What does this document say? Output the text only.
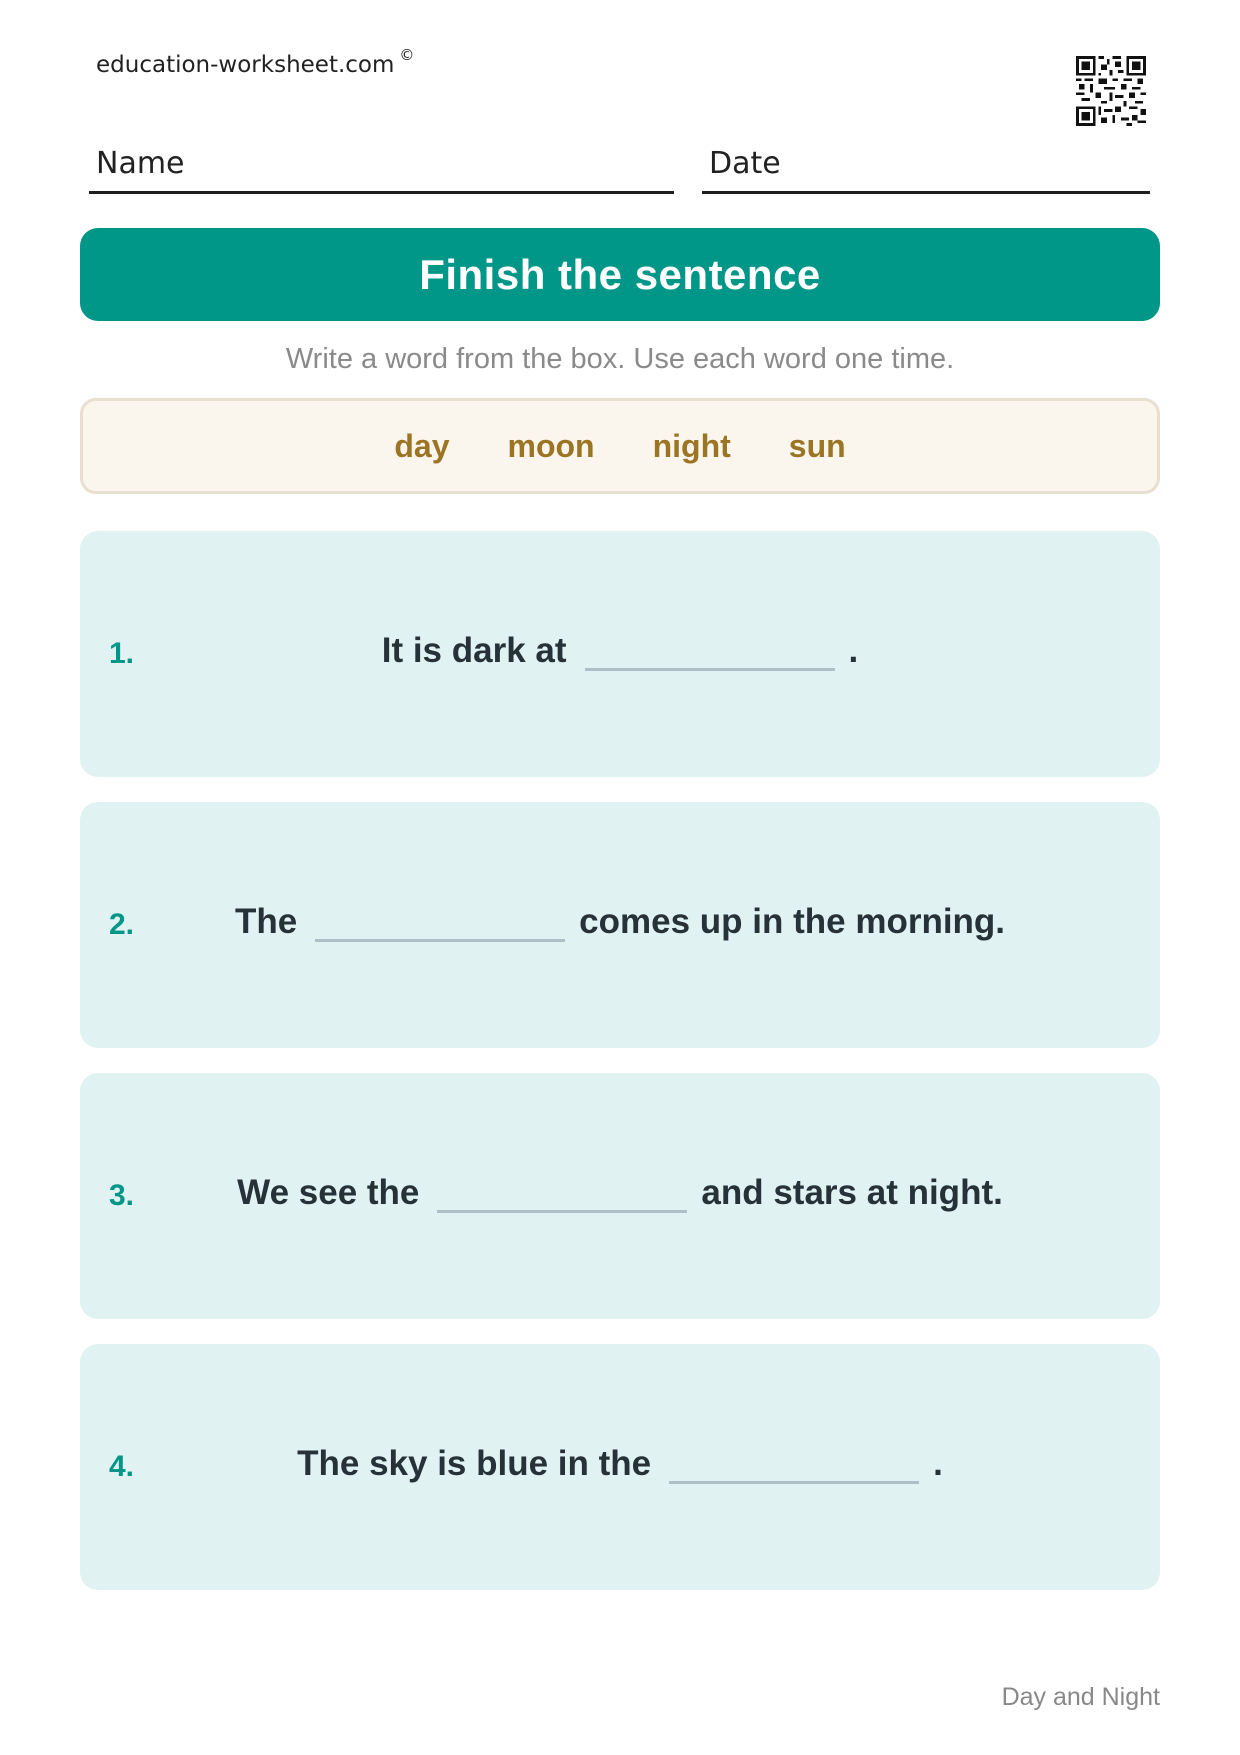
education-worksheet.com ©
Name	Date
Finish the sentence
Write a word from the box. Use each word one time.
day moon night sun
1.	It is dark at	.
2.	The	comes up in the morning.
3.	We see the	and stars at night.
4.	The sky is blue in the	.
Day and Night
